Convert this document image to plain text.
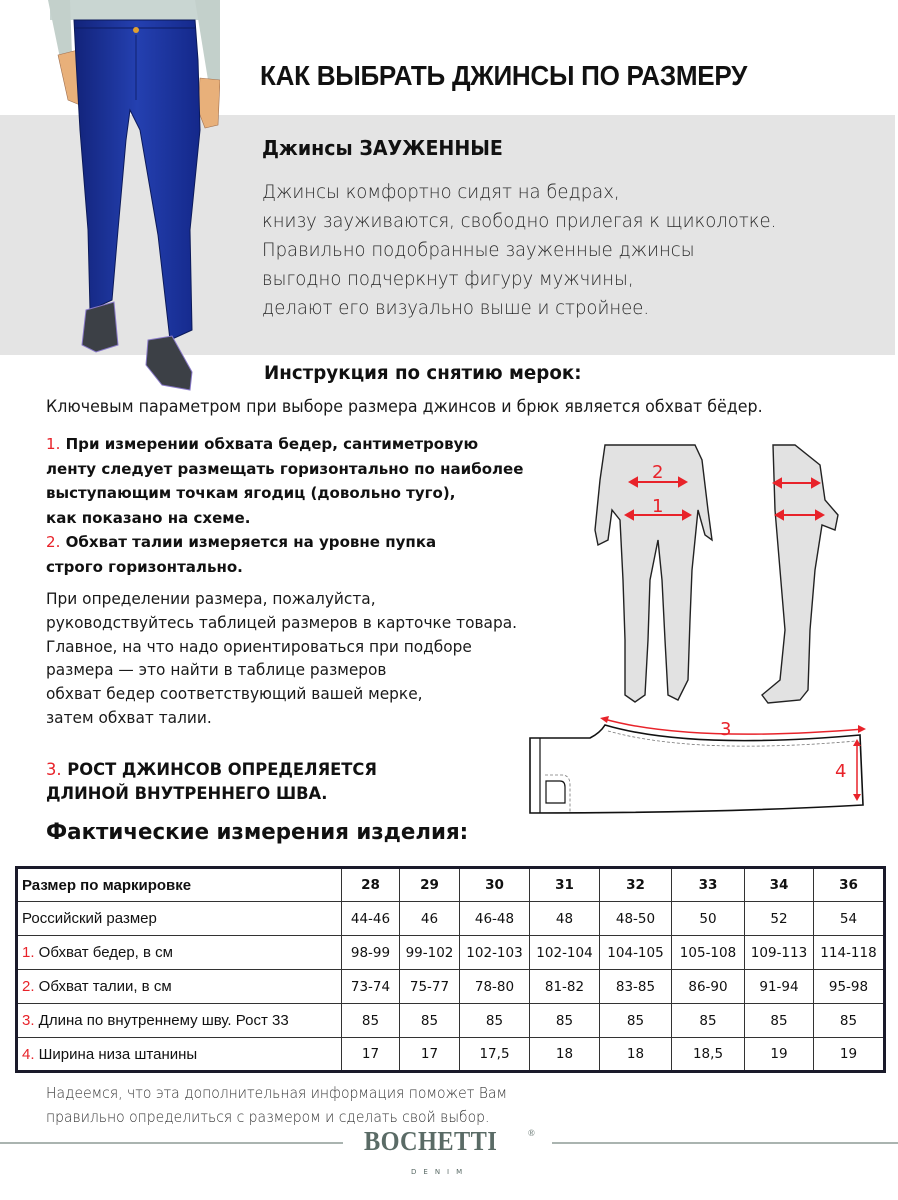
КАК ВЫБРАТЬ ДЖИНСЫ ПО РАЗМЕРУ
Джинсы ЗАУЖЕННЫЕ
Джинсы комфортно сидят на бедрах,
книзу зауживаются, свободно прилегая к щиколотке.
Правильно подобранные зауженные джинсы
выгодно подчеркнут фигуру мужчины,
делают его визуально выше и стройнее.
Инструкция по снятию мерок:
Ключевым параметром при выборе размера джинсов и брюк является обхват бёдер.
1. При измерении обхвата бедер, сантиметровую
ленту следует размещать горизонтально по наиболее
выступающим точкам ягодиц (довольно туго),
как показано на схеме.
2. Обхват талии измеряется на уровне пупка
строго горизонтально.
При определении размера, пожалуйста,
руководствуйтесь таблицей размеров в карточке товара.
Главное, на что надо ориентироваться при подборе
размера — это найти в таблице размеров
обхват бедер соответствующий вашей мерке,
затем обхват талии.
3. РОСТ ДЖИНСОВ ОПРЕДЕЛЯЕТСЯ
ДЛИНОЙ ВНУТРЕННЕГО ШВА.
2
1
3
4
Фактические измерения изделия:
Размер по маркировке	28	29	30	31	32	33	34	36
Российский размер	44-46	46	46-48	48	48-50	50	52	54
1. Обхват бедер, в см	98-99	99-102	102-103	102-104	104-105	105-108	109-113	114-118
2. Обхват талии, в см	73-74	75-77	78-80	81-82	83-85	86-90	91-94	95-98
3. Длина по внутреннему шву. Рост 33	85	85	85	85	85	85	85	85
4. Ширина низа штанины	17	17	17,5	18	18	18,5	19	19
Надеемся, что эта дополнительная информация поможет Вам
правильно определиться с размером и сделать свой выбор.
BOCHETTI	®
DENIM
